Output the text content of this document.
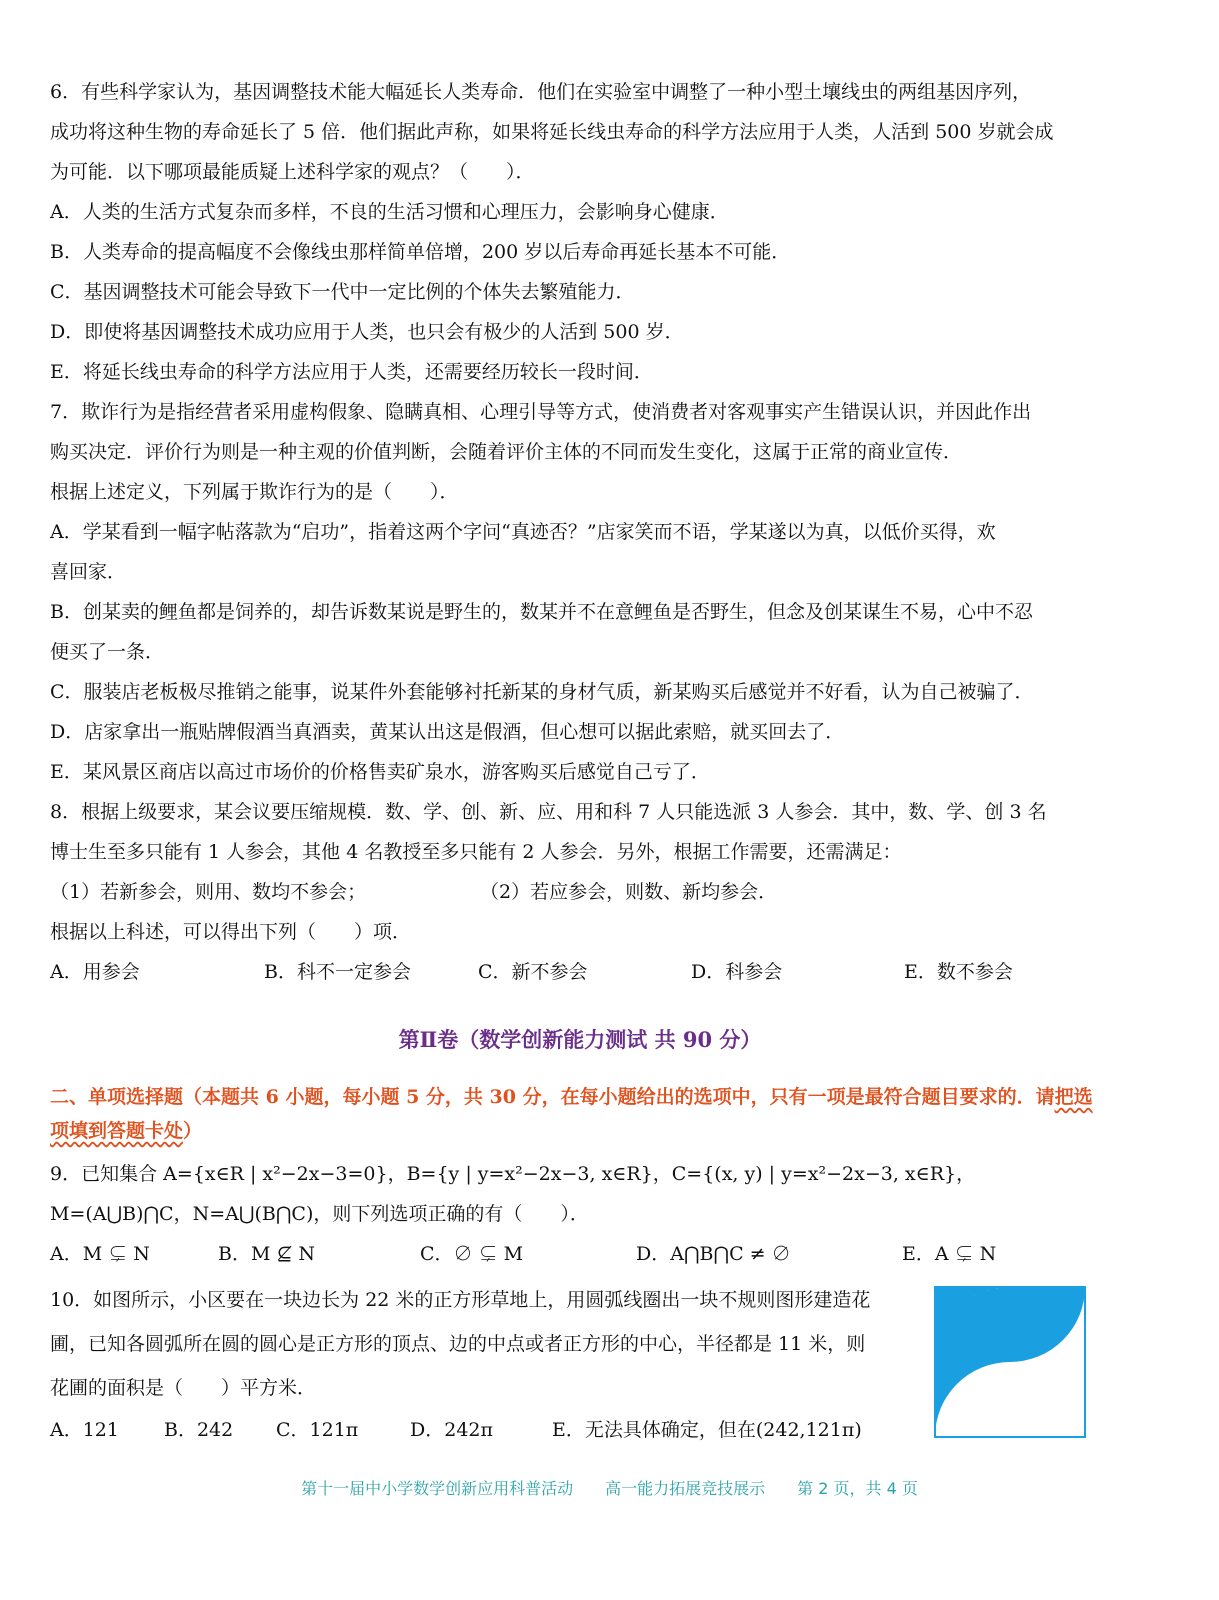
6．有些科学家认为，基因调整技术能大幅延长人类寿命．他们在实验室中调整了一种小型土壤线虫的两组基因序列，

成功将这种生物的寿命延长了 5 倍．他们据此声称，如果将延长线虫寿命的科学方法应用于人类，人活到 500 岁就会成

为可能．以下哪项最能质疑上述科学家的观点？（　　）．

A．人类的生活方式复杂而多样，不良的生活习惯和心理压力，会影响身心健康．

B．人类寿命的提高幅度不会像线虫那样简单倍增，200 岁以后寿命再延长基本不可能．

C．基因调整技术可能会导致下一代中一定比例的个体失去繁殖能力．

D．即使将基因调整技术成功应用于人类，也只会有极少的人活到 500 岁．

E．将延长线虫寿命的科学方法应用于人类，还需要经历较长一段时间．

7．欺诈行为是指经营者采用虚构假象、隐瞒真相、心理引导等方式，使消费者对客观事实产生错误认识，并因此作出

购买决定．评价行为则是一种主观的价值判断，会随着评价主体的不同而发生变化，这属于正常的商业宣传．

根据上述定义，下列属于欺诈行为的是（　　）．

A．学某看到一幅字帖落款为“启功”，指着这两个字问“真迹否？”店家笑而不语，学某遂以为真，以低价买得，欢

喜回家．

B．创某卖的鲤鱼都是饲养的，却告诉数某说是野生的，数某并不在意鲤鱼是否野生，但念及创某谋生不易，心中不忍

便买了一条．

C．服装店老板极尽推销之能事，说某件外套能够衬托新某的身材气质，新某购买后感觉并不好看，认为自己被骗了．

D．店家拿出一瓶贴牌假酒当真酒卖，黄某认出这是假酒，但心想可以据此索赔，就买回去了．

E．某风景区商店以高过市场价的价格售卖矿泉水，游客购买后感觉自己亏了．

8．根据上级要求，某会议要压缩规模．数、学、创、新、应、用和科 7 人只能选派 3 人参会．其中，数、学、创 3 名

博士生至多只能有 1 人参会，其他 4 名教授至多只能有 2 人参会．另外，根据工作需要，还需满足：

（1）若新参会，则用、数均不参会；	（2）若应参会，则数、新均参会．

根据以上科述，可以得出下列（　　）项．

A．用参会	B．科不一定参会	C．新不参会	D．科参会	E．数不参会
第Ⅱ卷（数学创新能力测试 共 90 分）
二、单项选择题（本题共 6 小题，每小题 5 分，共 30 分，在每小题给出的选项中，只有一项是最符合题目要求的．请把选项填到答题卡处）

9．已知集合 A={x∈R | x²−2x−3=0}，B={y | y=x²−2x−3, x∈R}，C={(x, y) | y=x²−2x−3, x∈R}，

M=(A⋃B)⋂C，N=A⋃(B⋂C)，则下列选项正确的有（　　）．

A．M ⊊ N	B．M ⊈ N	C．∅ ⊊ M	D．A⋂B⋂C ≠ ∅	E．A ⊊ N
10．如图所示，小区要在一块边长为 22 米的正方形草地上，用圆弧线圈出一块不规则图形建造花
圃，已知各圆弧所在圆的圆心是正方形的顶点、边的中点或者正方形的中心，半径都是 11 米，则
花圃的面积是（　　）平方米．
A．121	B．242	C．121π	D．242π	E．无法具体确定，但在(242,121π)
第十一届中小学数学创新应用科普活动 高一能力拓展竞技展示 第 2 页，共 4 页
